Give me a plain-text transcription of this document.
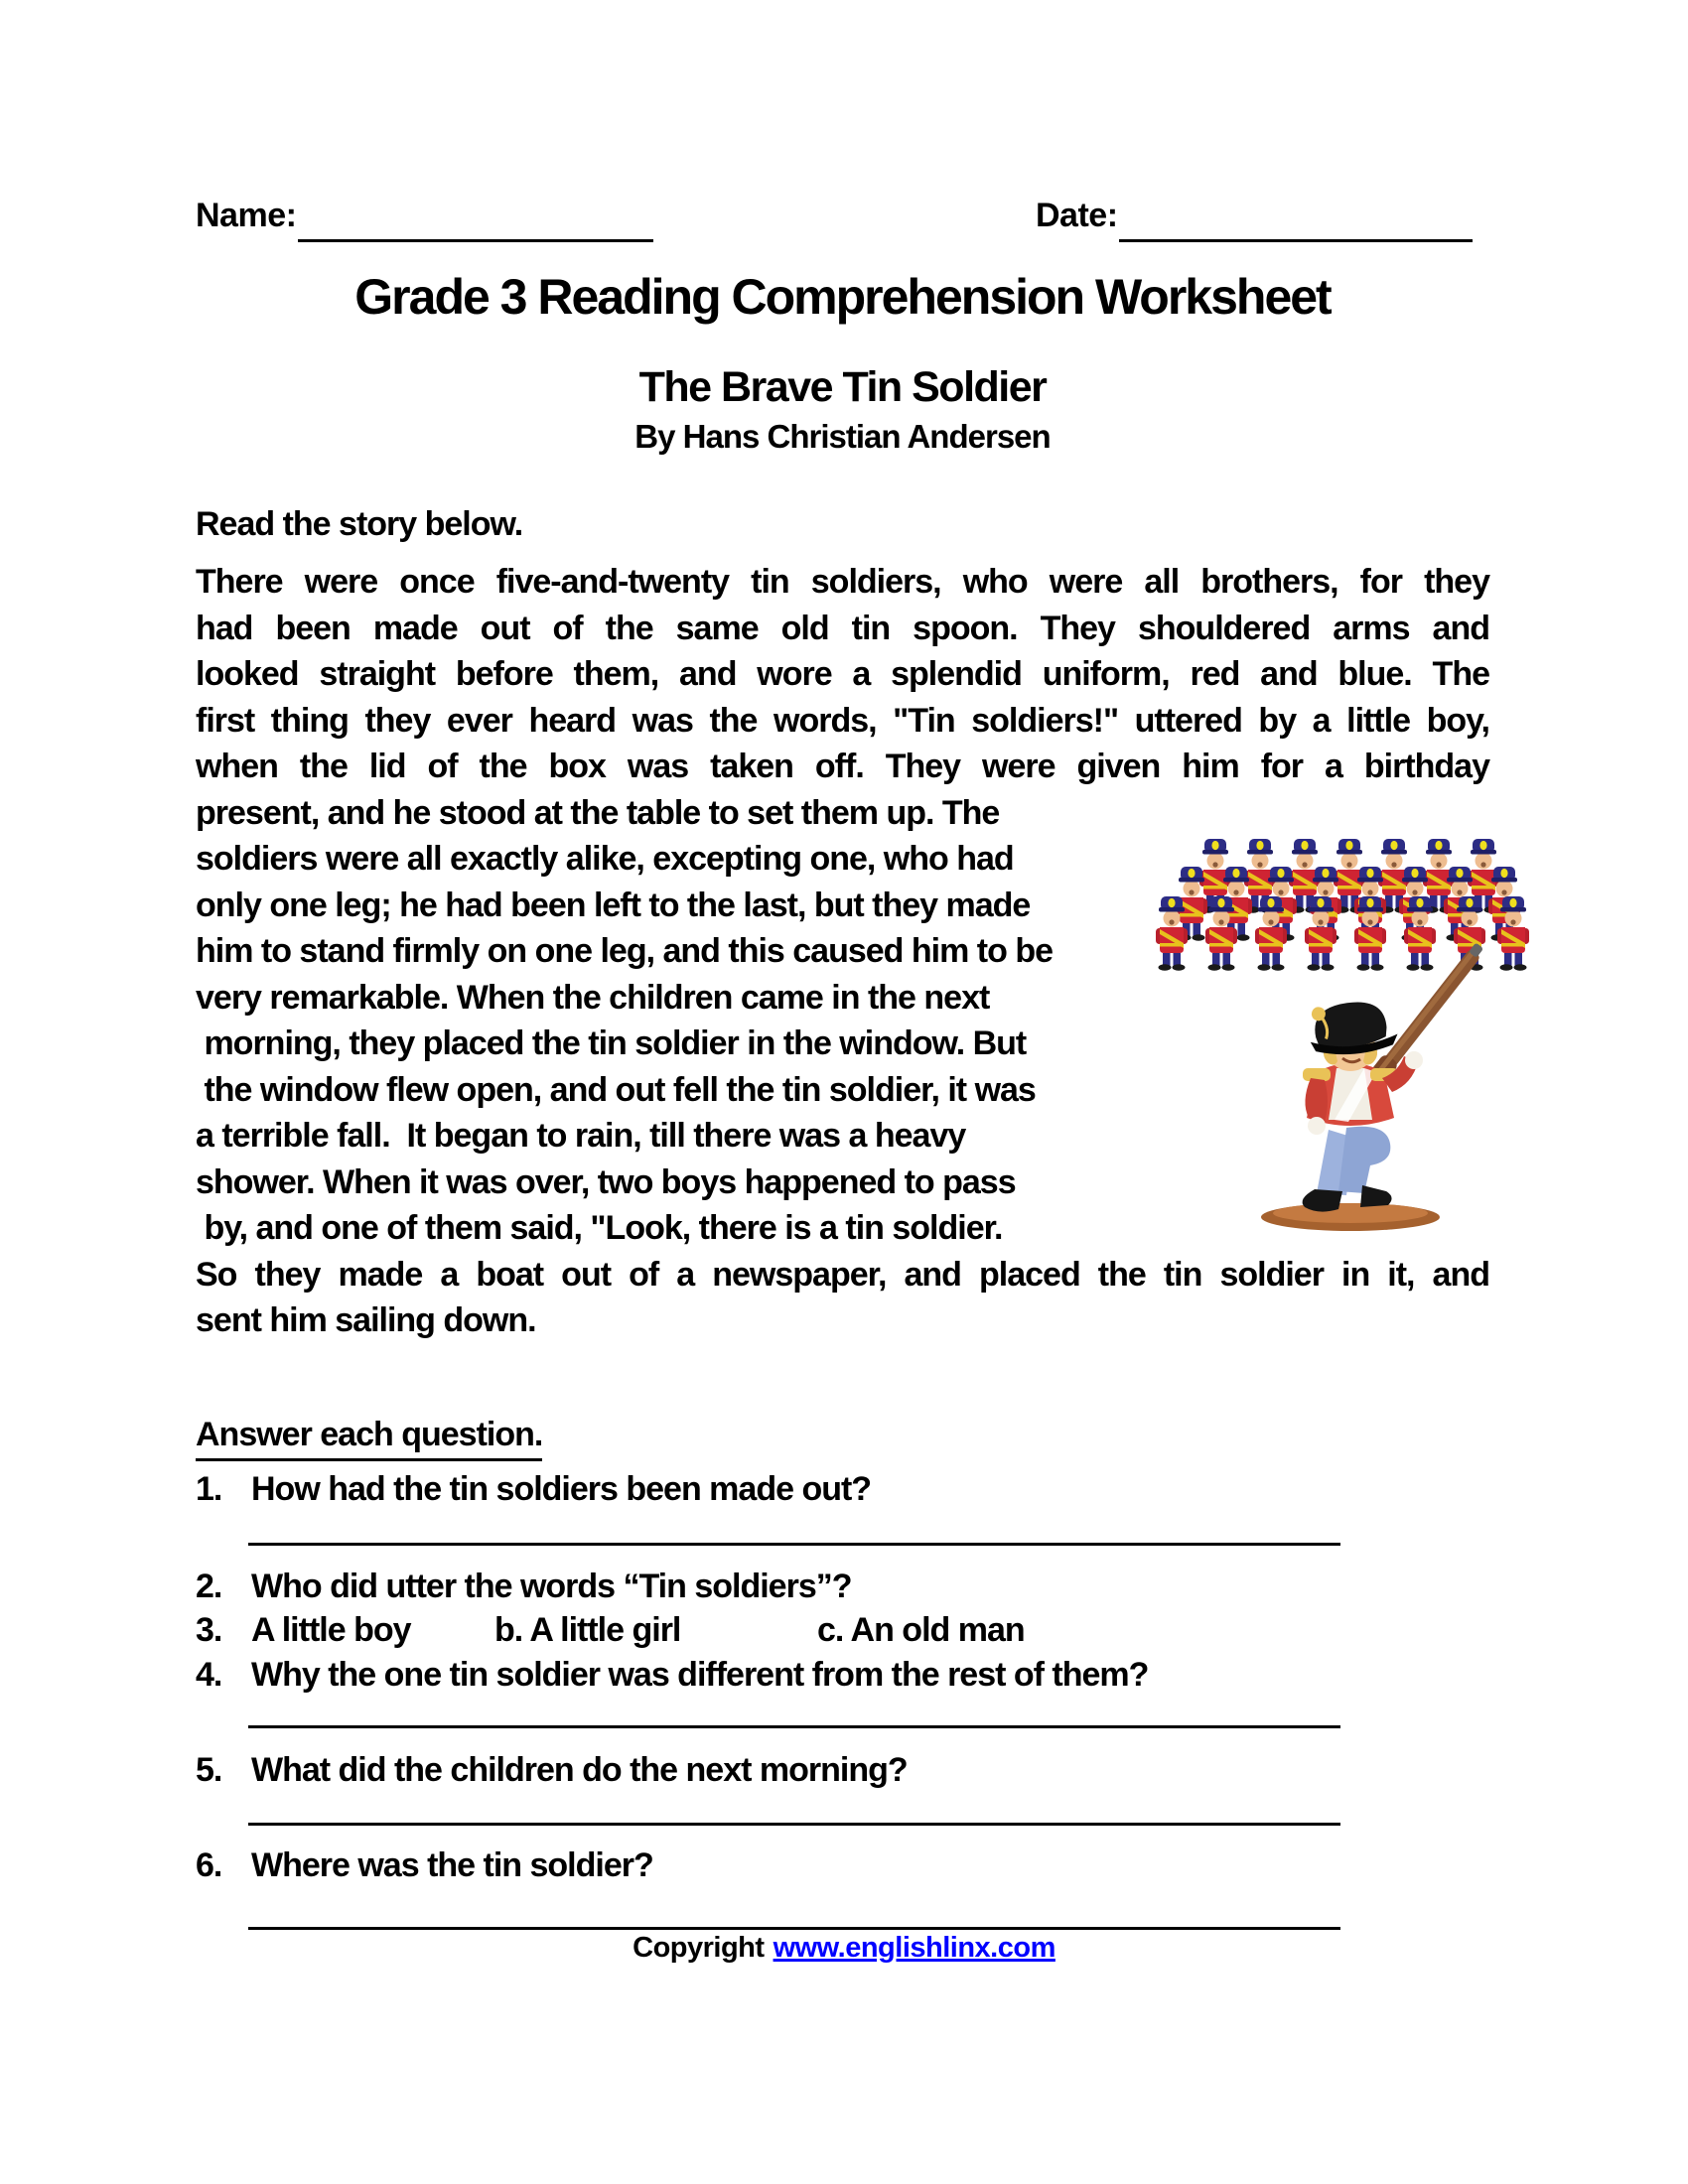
Name:	Date:
Grade 3 Reading Comprehension Worksheet
The Brave Tin Soldier
By Hans Christian Andersen
Read the story below.
There were once five-and-twenty tin soldiers, who were all brothers, for they
had been made out of the same old tin spoon. They shouldered arms and
looked straight before them, and wore a splendid uniform, red and blue. The
first thing they ever heard was the words, "Tin soldiers!" uttered by a little boy,
when the lid of the box was taken off. They were given him for a birthday
present, and he stood at the table to set them up. The
soldiers were all exactly alike, excepting one, who had
only one leg; he had been left to the last, but they made
him to stand firmly on one leg, and this caused him to be
very remarkable. When the children came in the next
morning, they placed the tin soldier in the window. But
the window flew open, and out fell the tin soldier, it was
a terrible fall.  It began to rain, till there was a heavy
shower. When it was over, two boys happened to pass
by, and one of them said, "Look, there is a tin soldier.
So they made a boat out of a newspaper, and placed the tin soldier in it, and
sent him sailing down.
Answer each question.
1. How had the tin soldiers been made out?
2. Who did utter the words “Tin soldiers”?
3. A little boy b. A little girl	c. An old man
4. Why the one tin soldier was different from the rest of them?
5. What did the children do the next morning?
6. Where was the tin soldier?
Copyright www.englishlinx.com
